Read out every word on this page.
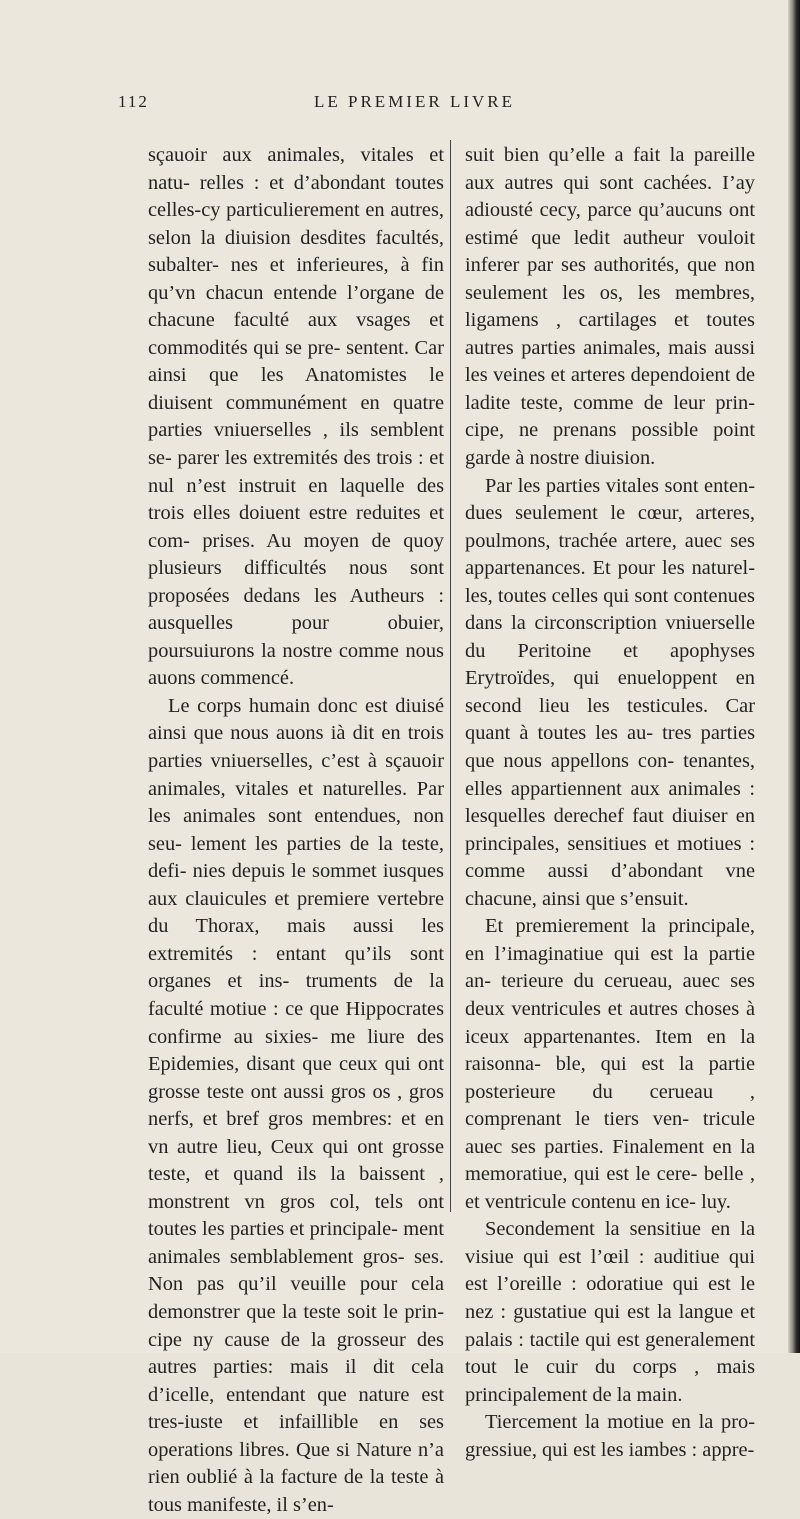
112	LE PREMIER LIVRE

sçauoir aux animales, vitales et natu- relles : et d’abondant toutes celles-cy particulierement en autres, selon la diuision desdites facultés, subalter- nes et inferieures, à fin qu’vn chacun entende l’organe de chacune faculté aux vsages et commodités qui se pre- sentent. Car ainsi que les Anatomistes le diuisent communément en quatre parties vniuerselles , ils semblent se- parer les extremités des trois : et nul n’est instruit en laquelle des trois elles doiuent estre reduites et com- prises. Au moyen de quoy plusieurs difficultés nous sont proposées dedans les Autheurs : ausquelles pour obuier, poursuiurons la nostre comme nous auons commencé.

Le corps humain donc est diuisé ainsi que nous auons ià dit en trois parties vniuerselles, c’est à sçauoir animales, vitales et naturelles. Par les animales sont entendues, non seu- lement les parties de la teste, defi- nies depuis le sommet iusques aux clauicules et premiere vertebre du Thorax, mais aussi les extremités : entant qu’ils sont organes et ins- truments de la faculté motiue : ce que Hippocrates confirme au sixies- me liure des Epidemies, disant que ceux qui ont grosse teste ont aussi gros os , gros nerfs, et bref gros membres: et en vn autre lieu, Ceux qui ont grosse teste, et quand ils la baissent , monstrent vn gros col, tels ont toutes les parties et principale- ment animales semblablement gros- ses. Non pas qu’il veuille pour cela demonstrer que la teste soit le prin- cipe ny cause de la grosseur des autres parties: mais il dit cela d’icelle, entendant que nature est tres-iuste et infaillible en ses operations libres. Que si Nature n’a rien oublié à la facture de la teste à tous manifeste, il s’en-

suit bien qu’elle a fait la pareille aux autres qui sont cachées. I’ay adiousté cecy, parce qu’aucuns ont estimé que ledit autheur vouloit inferer par ses authorités, que non seulement les os, les membres, ligamens , cartilages et toutes autres parties animales, mais aussi les veines et arteres dependoient de ladite teste, comme de leur prin- cipe, ne prenans possible point garde à nostre diuision.

Par les parties vitales sont enten- dues seulement le cœur, arteres, poulmons, trachée artere, auec ses appartenances. Et pour les naturel- les, toutes celles qui sont contenues dans la circonscription vniuerselle du Peritoine et apophyses Erytroïdes, qui enueloppent en second lieu les testicules. Car quant à toutes les au- tres parties que nous appellons con- tenantes, elles appartiennent aux animales : lesquelles derechef faut diuiser en principales, sensitiues et motiues : comme aussi d’abondant vne chacune, ainsi que s’ensuit.

Et premierement la principale, en l’imaginatiue qui est la partie an- terieure du cerueau, auec ses deux ventricules et autres choses à iceux appartenantes. Item en la raisonna- ble, qui est la partie posterieure du cerueau , comprenant le tiers ven- tricule auec ses parties. Finalement en la memoratiue, qui est le cere- belle , et ventricule contenu en ice- luy.

Secondement la sensitiue en la visiue qui est l’œil : auditiue qui est l’oreille : odoratiue qui est le nez : gustatiue qui est la langue et palais : tactile qui est generalement tout le cuir du corps , mais principalement de la main.

Tiercement la motiue en la pro- gressiue, qui est les iambes : appre-
